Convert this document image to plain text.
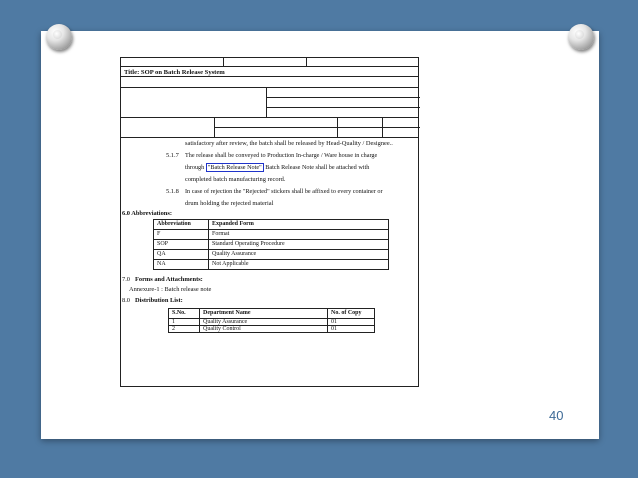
Title: SOP on Batch Release System
satisfactory after review, the batch shall be released by Head-Quality / Designee..
5.1.7 The release shall be conveyed to Production In-charge / Ware house in charge
through "Batch Release Note" Batch Release Note shall be attached with
completed batch manufacturing record.
5.1.8 In case of rejection the "Rejected" stickers shall be affixed to every container or
drum holding the rejected material
6.0 Abbreviations:
Abbreviation	Expanded Form
F	Format
SOP	Standard Operating Procedure
QA	Quality Assurance
NA	Not Applicable
7.0 Forms and Attachments:
Annexure-1 : Batch release note
8.0 Distribution List:
S.No.	Department Name	No. of Copy
1	Quality Assurance	01
2	Quality Control	01
40
